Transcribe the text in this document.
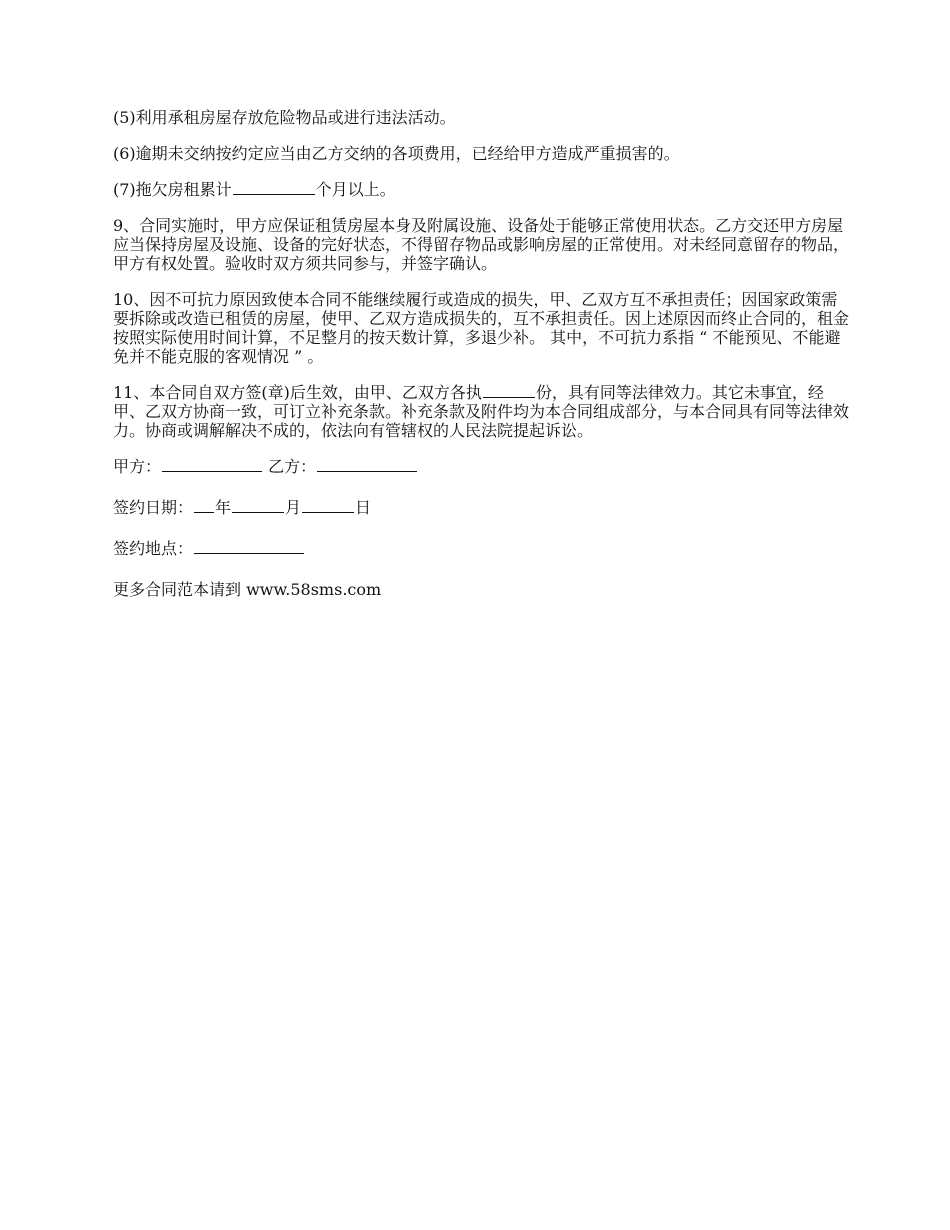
(5)利用承租房屋存放危险物品或进行违法活动。

(6)逾期未交纳按约定应当由乙方交纳的各项费用，已经给甲方造成严重损害的。

(7)拖欠房租累计	个月以上。

9、合同实施时，甲方应保证租赁房屋本身及附属设施、设备处于能够正常使用状态。乙方交还甲方房屋应当保持房屋及设施、设备的完好状态，不得留存物品或影响房屋的正常使用。对未经同意留存的物品，甲方有权处置。验收时双方须共同参与，并签字确认。

10、因不可抗力原因致使本合同不能继续履行或造成的损失，甲、乙双方互不承担责任；因国家政策需要拆除或改造已租赁的房屋，使甲、乙双方造成损失的，互不承担责任。因上述原因而终止合同的，租金按照实际使用时间计算，不足整月的按天数计算，多退少补。 其中，不可抗力系指 “ 不能预见、不能避免并不能克服的客观情况 ” 。

11、本合同自双方签(章)后生效，由甲、乙双方各执	份，具有同等法律效力。其它未事宜，经甲、乙双方协商一致，可订立补充条款。补充条款及附件均为本合同组成部分，与本合同具有同等法律效力。协商或调解解决不成的，依法向有管辖权的人民法院提起诉讼。

甲方：	乙方：
签约日期： 年	月	日
签约地点：
更多合同范本请到 www.58sms.com
